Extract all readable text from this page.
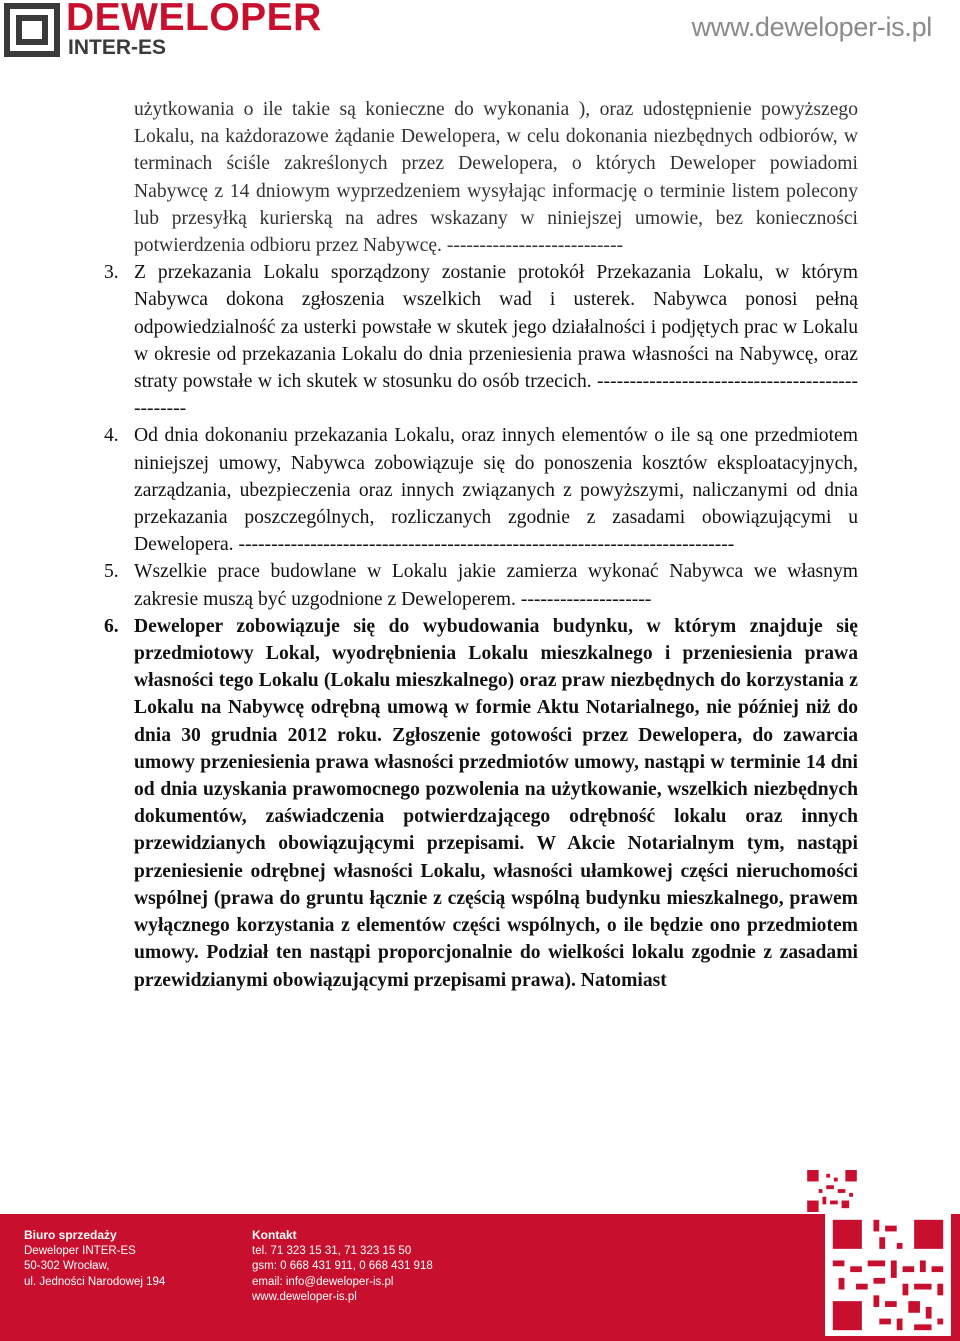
DEWELOPER
INTER-ES
www.deweloper-is.pl

użytkowania o ile takie są konieczne do wykonania ), oraz udostępnienie powyższego Lokalu, na każdorazowe żądanie Dewelopera, w celu dokonania niezbędnych odbiorów, w terminach ściśle zakreślonych przez Dewelopera, o których Deweloper powiadomi Nabywcę z 14 dniowym wyprzedzeniem wysyłając informację o terminie listem polecony lub przesyłką kurierską na adres wskazany w niniejszej umowie, bez konieczności potwierdzenia odbioru przez Nabywcę. ---------------------------

3. Z przekazania Lokalu sporządzony zostanie protokół Przekazania Lokalu, w którym Nabywca dokona zgłoszenia wszelkich wad i usterek. Nabywca ponosi pełną odpowiedzialność za usterki powstałe w skutek jego działalności i podjętych prac w Lokalu w okresie od przekazania Lokalu do dnia przeniesienia prawa własności na Nabywcę, oraz straty powstałe w ich skutek w stosunku do osób trzecich. ------------------------------------------------

4. Od dnia dokonaniu przekazania Lokalu, oraz innych elementów o ile są one przedmiotem niniejszej umowy, Nabywca zobowiązuje się do ponoszenia kosztów eksploatacyjnych, zarządzania, ubezpieczenia oraz innych związanych z powyższymi, naliczanymi od dnia przekazania poszczególnych, rozliczanych zgodnie z zasadami obowiązującymi u Dewelopera. ----------------------------------------------------------------------------

5. Wszelkie prace budowlane w Lokalu jakie zamierza wykonać Nabywca we własnym zakresie muszą być uzgodnione z Deweloperem. --------------------

6. Deweloper zobowiązuje się do wybudowania budynku, w którym znajduje się przedmiotowy Lokal, wyodrębnienia Lokalu mieszkalnego i przeniesienia prawa własności tego Lokalu (Lokalu mieszkalnego) oraz praw niezbędnych do korzystania z Lokalu na Nabywcę odrębną umową w formie Aktu Notarialnego, nie później niż do dnia 30 grudnia 2012 roku. Zgłoszenie gotowości przez Dewelopera, do zawarcia umowy przeniesienia prawa własności przedmiotów umowy, nastąpi w terminie 14 dni od dnia uzyskania prawomocnego pozwolenia na użytkowanie, wszelkich niezbędnych dokumentów, zaświadczenia potwierdzającego odrębność lokalu oraz innych przewidzianych obowiązującymi przepisami. W Akcie Notarialnym tym, nastąpi przeniesienie odrębnej własności Lokalu, własności ułamkowej części nieruchomości wspólnej (prawa do gruntu łącznie z częścią wspólną budynku mieszkalnego, prawem wyłącznego korzystania z elementów części wspólnych, o ile będzie ono przedmiotem umowy. Podział ten nastąpi proporcjonalnie do wielkości lokalu zgodnie z zasadami przewidzianymi obowiązującymi przepisami prawa). Natomiast

Biuro sprzedaży
Deweloper INTER-ES
50-302 Wrocław,
ul. Jedności Narodowej 194
Kontakt
tel. 71 323 15 31, 71 323 15 50
gsm: 0 668 431 911, 0 668 431 918
email: info@deweloper-is.pl
www.deweloper-is.pl
